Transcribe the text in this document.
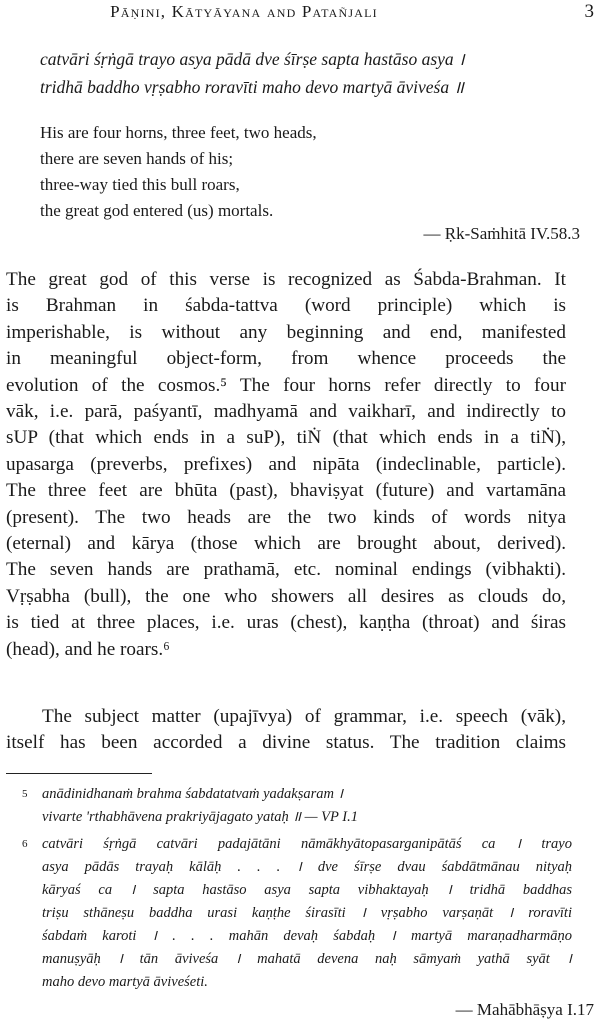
Pāṇini, Kātyāyana and Patañjali	3
catvāri śṛṅgā trayo asya pādā dve śīrṣe sapta hastāso asya ।
tridhā baddho vṛṣabho roravīti maho devo martyā āviveśa ॥
His are four horns, three feet, two heads,
there are seven hands of his;
three-way tied this bull roars,
the great god entered (us) mortals.
— Ṛk-Saṁhitā IV.58.3
The great god of this verse is recognized as Śabda-Brahman. It
is Brahman in śabda-tattva (word principle) which is
imperishable, is without any beginning and end, manifested
in meaningful object-form, from whence proceeds the
evolution of the cosmos.⁵ The four horns refer directly to four
vāk, i.e. parā, paśyantī, madhyamā and vaikharī, and indirectly to
sUP (that which ends in a suP), tiṄ (that which ends in a tiṄ),
upasarga (preverbs, prefixes) and nipāta (indeclinable, particle).
The three feet are bhūta (past), bhaviṣyat (future) and vartamāna
(present). The two heads are the two kinds of words nitya
(eternal) and kārya (those which are brought about, derived).
The seven hands are prathamā, etc. nominal endings (vibhakti).
Vṛṣabha (bull), the one who showers all desires as clouds do,
is tied at three places, i.e. uras (chest), kaṇṭha (throat) and śiras
(head), and he roars.⁶
The subject matter (upajīvya) of grammar, i.e. speech (vāk),
itself has been accorded a divine status. The tradition claims
5 anādinidhanaṁ brahma śabdatatvaṁ yadakṣaram ।
vivarte 'rthabhāvena prakriyājagato yataḥ ॥ — VP I.1
6 catvāri śṛṅgā catvāri padajātāni nāmākhyātopasarganipātāś ca । trayo
asya pādās trayaḥ kālāḥ . . . । dve śīrṣe dvau śabdātmānau nityaḥ
kāryaś ca । sapta hastāso asya sapta vibhaktayaḥ । tridhā baddhas
triṣu sthāneṣu baddha urasi kaṇṭhe śirasīti । vṛṣabho varṣaṇāt । roravīti
śabdaṁ karoti । . . . mahān devaḥ śabdaḥ । martyā maraṇadharmāṇo
manuṣyāḥ । tān āviveśa । mahatā devena naḥ sāmyaṁ yathā syāt ।
maho devo martyā āviveśeti.
— Mahābhāṣya I.17
